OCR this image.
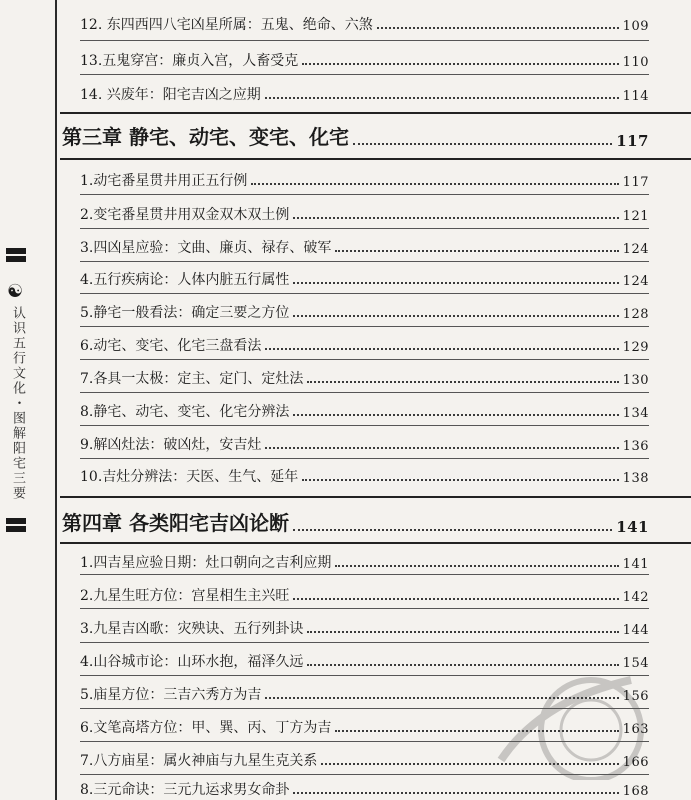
☯
认识五行文化・图解阳宅三要
12. 东四西四八宅凶星所属：五鬼、绝命、六煞	109
13.五鬼穿宫：廉贞入宫，人畜受克	110
14. 兴废年：阳宅吉凶之应期	114
第三章 静宅、动宅、变宅、化宅	117
1.动宅番星贯井用正五行例	117
2.变宅番星贯井用双金双木双土例	121
3.四凶星应验：文曲、廉贞、禄存、破军	124
4.五行疾病论：人体内脏五行属性	124
5.静宅一般看法：确定三要之方位	128
6.动宅、变宅、化宅三盘看法	129
7.各具一太极：定主、定门、定灶法	130
8.静宅、动宅、变宅、化宅分辨法	134
9.解凶灶法：破凶灶，安吉灶	136
10.吉灶分辨法：天医、生气、延年	138
第四章 各类阳宅吉凶论断	141
1.四吉星应验日期：灶口朝向之吉利应期	141
2.九星生旺方位：宫星相生主兴旺	142
3.九星吉凶歌：灾殃诀、五行列卦诀	144
4.山谷城市论：山环水抱，福泽久远	154
5.庙星方位：三吉六秀方为吉	156
6.文笔高塔方位：甲、巽、丙、丁方为吉	163
7.八方庙星：属火神庙与九星生克关系	166
8.三元命诀：三元九运求男女命卦	168
